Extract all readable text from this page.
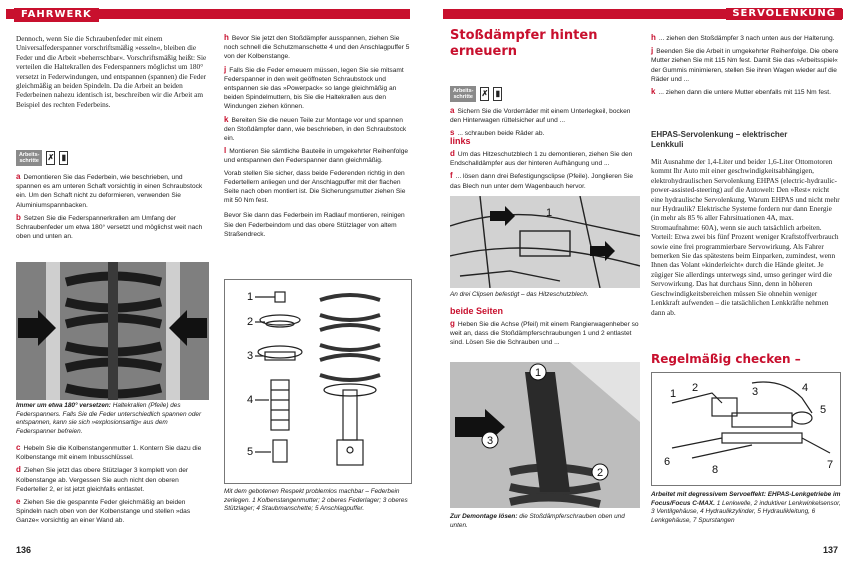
FAHRWERK
Dennoch, wenn Sie die Schraubenfeder mit einem Universalfederspanner vorschriftsmäßig »esseln«, bleiben die Feder und die Arbeit »beherrschbar«. Vorschriftsmäßig heißt: Sie verteilen die Haltekrallen des Federspanners möglichst um 180° versetzt in Federwindungen, und entspannen (spannen) die Feder gleichmäßig an beiden Spindeln. Da die Arbeit an beiden Federbeinen nahezu identisch ist, beschreiben wir die Arbeit am Beispiel des rechten Federbeins.
Arbeits-
schritte	✗ ▮
a Demontieren Sie das Federbein, wie beschrieben, und spannen es am unteren Schaft vorsichtig in einen Schraubstock ein. Um den Schaft nicht zu deformieren, verwenden Sie Aluminiumspannbacken.
b Setzen Sie die Federspannerkrallen am Umfang der Schraubenfeder um etwa 180° versetzt und möglichst weit nach oben und unten an.
Immer um etwa 180° versetzen: Haltekrallen (Pfeile) des Federspanners. Falls Sie die Feder unterschiedlich spannen oder entspannen, kann sie sich »explosionsartig« aus dem Federspanner befreien.
c Hebeln Sie die Kolbenstangenmutter 1. Kontern Sie dazu die Kolbenstange mit einem Inbusschlüssel.
d Ziehen Sie jetzt das obere Stützlager 3 komplett von der Kolbenstange ab. Vergessen Sie auch nicht den oberen Federteller 2, er ist jetzt gleichfalls entlastet.
e Ziehen Sie die gespannte Feder gleichmäßig an beiden Spindeln nach oben von der Kolbenstange und stellen »das Ganze« vorsichtig an einer Wand ab.
h Bevor Sie jetzt den Stoßdämpfer ausspannen, ziehen Sie noch schnell die Schutzmanschette 4 und den Anschlagpuffer 5 von der Kolbenstange.
j Falls Sie die Feder erneuern müssen, legen Sie sie mitsamt Federspanner in den weit geöffneten Schraubstock und entspannen sie das »Powerpack« so lange gleichmäßig an beiden Spindelmuttern, bis Sie die Haltekrallen aus den Windungen ziehen können.
k Bereiten Sie die neuen Teile zur Montage vor und spannen den Stoßdämpfer dann, wie beschrieben, in den Schraubstock ein.
l Montieren Sie sämtliche Bauteile in umgekehrter Reihenfolge und entspannen den Federspanner dann gleichmäßig.
Vorab stellen Sie sicher, dass beide Federenden richtig in den Federtellern anliegen und der Anschlagpuffer mit der flachen Seite nach oben montiert ist. Die Sicherungsmutter ziehen Sie mit 50 Nm fest.
Bevor Sie dann das Federbein im Radlauf montieren, reinigen Sie den Federbeindom und das obere Stützlager von altem Straßendreck.
1
2
3
4
5
Mit dem gebotenen Respekt problemlos machbar – Federbein zerlegen. 1 Kolbenstangenmutter; 2 oberes Federlager; 3 oberes Stützlager; 4 Staubmanschette; 5 Anschlagpuffer.
136
SERVOLENKUNG
Stoßdämpfer hinten
erneuern
Arbeits-
schritte	✗ ▮
a Sichern Sie die Vorderräder mit einem Unterlegkeil, bocken den Hinterwagen rüttelsicher auf und ...
s ... schrauben beide Räder ab.
links
d Um das Hitzeschutzblech 1 zu demontieren, ziehen Sie den Endschalldämpfer aus der hinteren Aufhängung und ...
f ... lösen dann drei Befestigungsclipse (Pfeile). Jonglieren Sie das Blech nun unter dem Wagenbauch hervor.
1
An drei Clipsen befestigt – das Hitzeschutzblech.
beide Seiten
g Heben Sie die Achse (Pfeil) mit einem Rangierwagenheber so weit an, dass die Stoßdämpferschraubungen 1 und 2 entlastet sind. Lösen Sie die Schrauben und ...
1
2
3
Zur Demontage lösen: die Stoßdämpferschrauben oben und unten.
h ... ziehen den Stoßdämpfer 3 nach unten aus der Halterung.
j Beenden Sie die Arbeit in umgekehrter Reihenfolge. Die obere Mutter ziehen Sie mit 115 Nm fest. Damit Sie das »Arbeitsspiel« der Gummis minimieren, stellen Sie ihren Wagen wieder auf die Räder und ...
k ... ziehen dann die untere Mutter ebenfalls mit 115 Nm fest.
EHPAS-Servolenkung – elektrischer
Lenkkuli
Mit Ausnahme der 1,4-Liter und beider 1,6-Liter Ottomotoren kommt Ihr Auto mit einer geschwindigkeitsabhängigen, elektrohydraulischen Servolenkung EHPAS (electric-hydraulic-power-assisted-steering) auf die Autowelt: Den »Rest« reicht eine hydraulische Servolenkung. Warum EHPAS und nicht mehr nur Hydraulik? Elektrische Systeme fordern nur dann Energie (in mehr als 85 % aller Fahrsituationen 4A, max. Stromaufnahme: 60A), wenn sie auch tatsächlich arbeiten. Vorteil: Etwa zwei bis fünf Prozent weniger Kraftstoffverbrauch sowie eine frei programmierbare Servowirkung. Als Fahrer bemerken Sie das spätestens beim Einparken, zumindest, wenn Ihnen das Volant »kinderleicht« durch die Hände gleitet. Je zügiger Sie allerdings unterwegs sind, umso geringer wird die Servowirkung. Das hat durchaus Sinn, denn in höheren Geschwindigkeitsbereichen müssen Sie ohnehin weniger Lenkkraft aufwenden – die tatsächlichen Lenkkräfte nehmen dann ab.
Regelmäßig checken –
1 2	3	4
5
6	7
8
Arbeitet mit degressivem Servoeffekt: EHPAS-Lenkgetriebe im Focus/Focus C-MAX. 1 Lenkwelle, 2 induktiver Lenkwinkelsensor, 3 Ventilgehäuse, 4 Hydraulikzylinder, 5 Hydraulikleitung, 6 Lenkgehäuse, 7 Spurstangen
137
